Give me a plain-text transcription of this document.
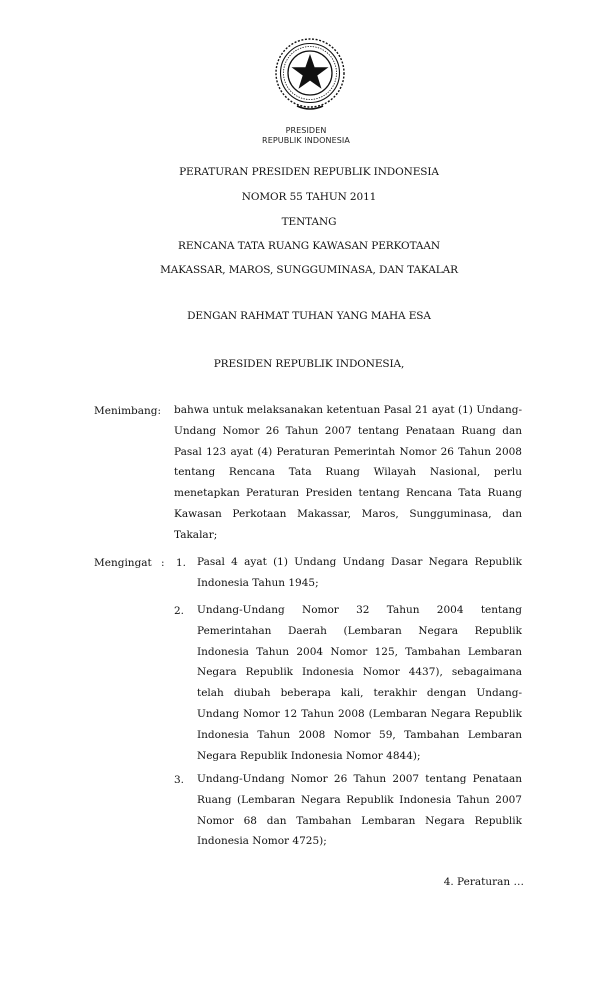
PRESIDEN
REPUBLIK INDONESIA
PERATURAN PRESIDEN REPUBLIK INDONESIA
NOMOR 55 TAHUN 2011
TENTANG
RENCANA TATA RUANG KAWASAN PERKOTAAN
MAKASSAR, MAROS, SUNGGUMINASA, DAN TAKALAR
DENGAN RAHMAT TUHAN YANG MAHA ESA
PRESIDEN REPUBLIK INDONESIA,
Menimbang: bahwa untuk melaksanakan ketentuan Pasal 21 ayat (1) Undang-Undang Nomor 26 Tahun 2007 tentang Penataan Ruang dan Pasal 123 ayat (4) Peraturan Pemerintah Nomor 26 Tahun 2008 tentang Rencana Tata Ruang Wilayah Nasional, perlu menetapkan Peraturan Presiden tentang Rencana Tata Ruang Kawasan Perkotaan Makassar, Maros, Sungguminasa, dan Takalar;

Mengingat : 1. Pasal 4 ayat (1) Undang Undang Dasar Negara Republik Indonesia Tahun 1945;

2. Undang-Undang Nomor 32 Tahun 2004 tentang Pemerintahan Daerah (Lembaran Negara Republik Indonesia Tahun 2004 Nomor 125, Tambahan Lembaran Negara Republik Indonesia Nomor 4437), sebagaimana telah diubah beberapa kali, terakhir dengan Undang-Undang Nomor 12 Tahun 2008 (Lembaran Negara Republik Indonesia Tahun 2008 Nomor 59, Tambahan Lembaran Negara Republik Indonesia Nomor 4844);

3. Undang-Undang Nomor 26 Tahun 2007 tentang Penataan Ruang (Lembaran Negara Republik Indonesia Tahun 2007 Nomor 68 dan Tambahan Lembaran Negara Republik Indonesia Nomor 4725);

4. Peraturan …
